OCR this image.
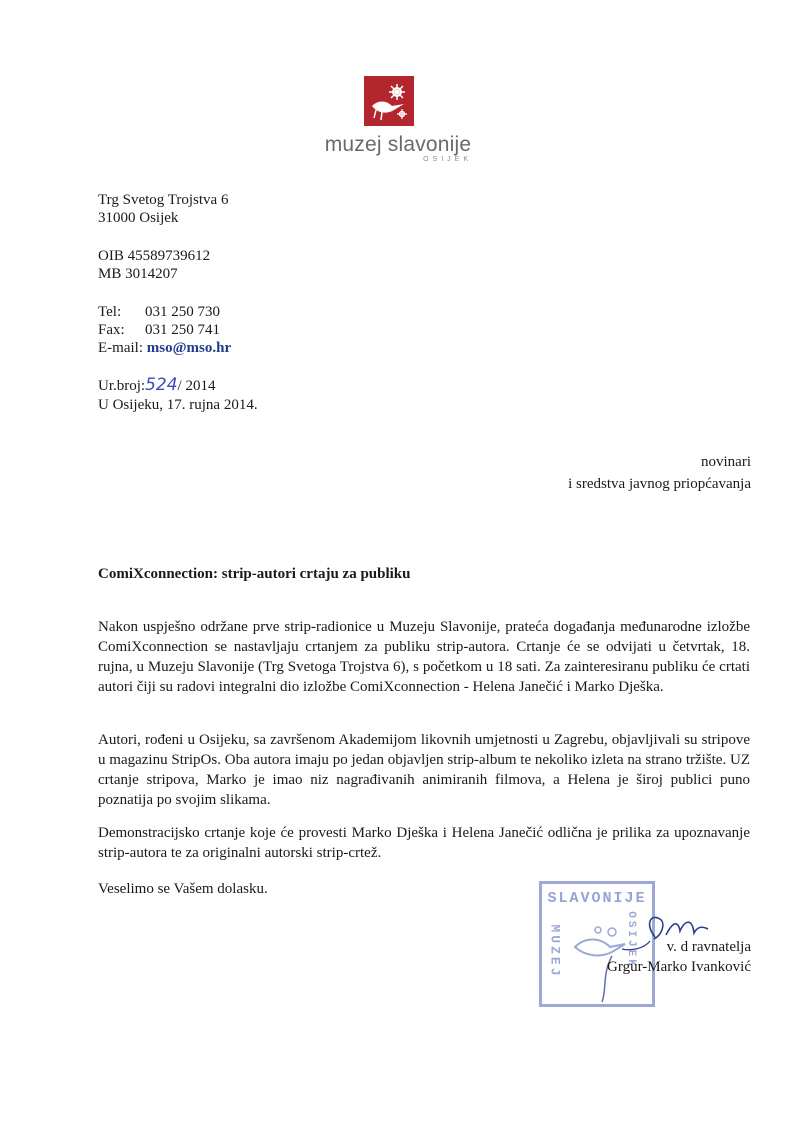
muzej slavonije
OSIJEK
Trg Svetog Trojstva 6
31000 Osijek
OIB 45589739612
MB 3014207
Tel: 031 250 730
Fax: 031 250 741
E-mail: mso@mso.hr
Ur.broj:524/ 2014
U Osijeku, 17. rujna 2014.
novinari
i sredstva javnog priopćavanja
ComiXconnection: strip-autori crtaju za publiku

Nakon uspješno održane prve strip-radionice u Muzeju Slavonije, prateća događanja međunarodne izložbe ComiXconnection se nastavljaju crtanjem za publiku strip-autora. Crtanje će se odvijati u četvrtak, 18. rujna, u Muzeju Slavonije (Trg Svetoga Trojstva 6), s početkom u 18 sati. Za zainteresiranu publiku će crtati autori čiji su radovi integralni dio izložbe ComiXconnection - Helena Janečić i Marko Dješka.

Autori, rođeni u Osijeku, sa završenom Akademijom likovnih umjetnosti u Zagrebu, objavljivali su stripove u magazinu StripOs. Oba autora imaju po jedan objavljen strip-album te nekoliko izleta na strano tržište. UZ crtanje stripova, Marko je imao niz nagrađivanih animiranih filmova, a Helena je široj publici puno poznatija po svojim slikama.

Demonstracijsko crtanje koje će provesti Marko Dješka i Helena Janečić odlična je prilika za upoznavanje strip-autora te za originalni autorski strip-crtež.

Veselimo se Vašem dolasku.
SLAVONIJE
MUZEJ	OSIJEK v. d ravnatelja
Grgur-Marko Ivanković
